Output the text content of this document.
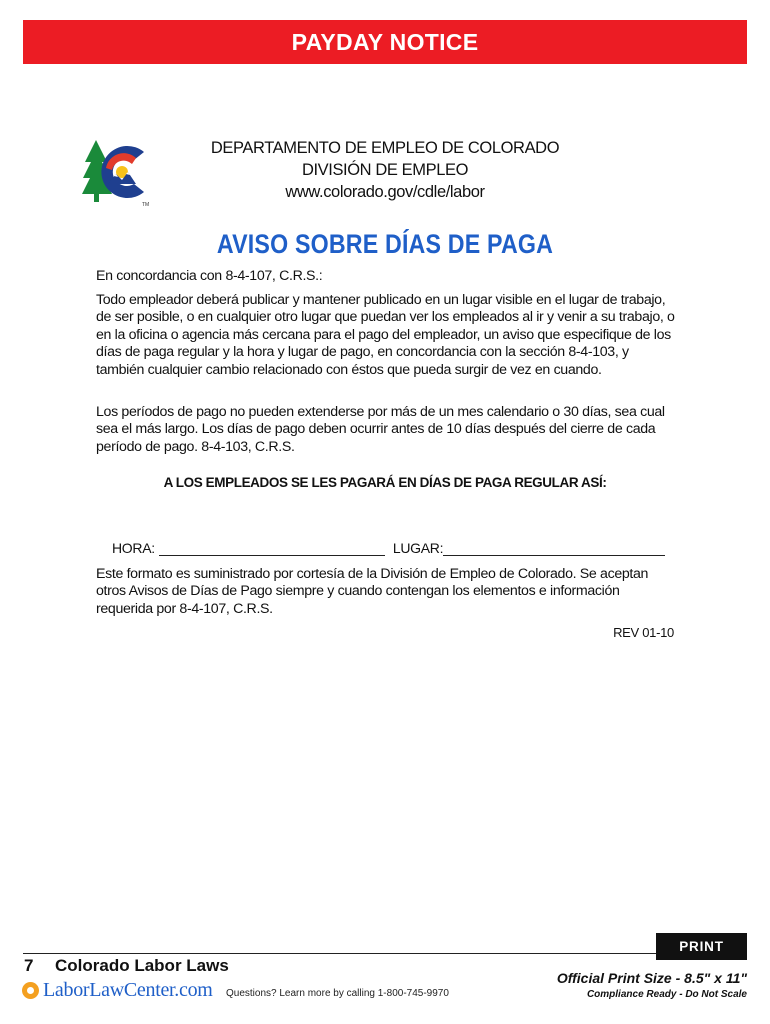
PAYDAY NOTICE
TM
DEPARTAMENTO DE EMPLEO DE COLORADO
DIVISIÓN DE EMPLEO
www.colorado.gov/cdle/labor
AVISO SOBRE DÍAS DE PAGA
En concordancia con 8-4-107, C.R.S.:
Todo empleador deberá publicar y mantener publicado en un lugar visible en el lugar de trabajo, de ser posible, o en cualquier otro lugar que puedan ver los empleados al ir y venir a su trabajo, o en la oficina o agencia más cercana para el pago del empleador, un aviso que especifique de los días de paga regular y la hora y lugar de pago, en concordancia con la sección 8-4-103, y también cualquier cambio relacionado con éstos que pueda surgir de vez en cuando.
Los períodos de pago no pueden extenderse por más de un mes calendario o 30 días, sea cual sea el más largo. Los días de pago deben ocurrir antes de 10 días después del cierre de cada período de pago. 8-4-103, C.R.S.
A LOS EMPLEADOS SE LES PAGARÁ EN DÍAS DE PAGA REGULAR ASÍ:
HORA:	LUGAR:
Este formato es suministrado por cortesía de la División de Empleo de Colorado. Se aceptan otros Avisos de Días de Pago siempre y cuando contengan los elementos e información requerida por 8-4-107, C.R.S.
REV 01-10
PRINT
7 Colorado Labor Laws
LaborLawCenter.com Questions? Learn more by calling 1-800-745-9970
Official Print Size - 8.5" x 11"
Compliance Ready - Do Not Scale
